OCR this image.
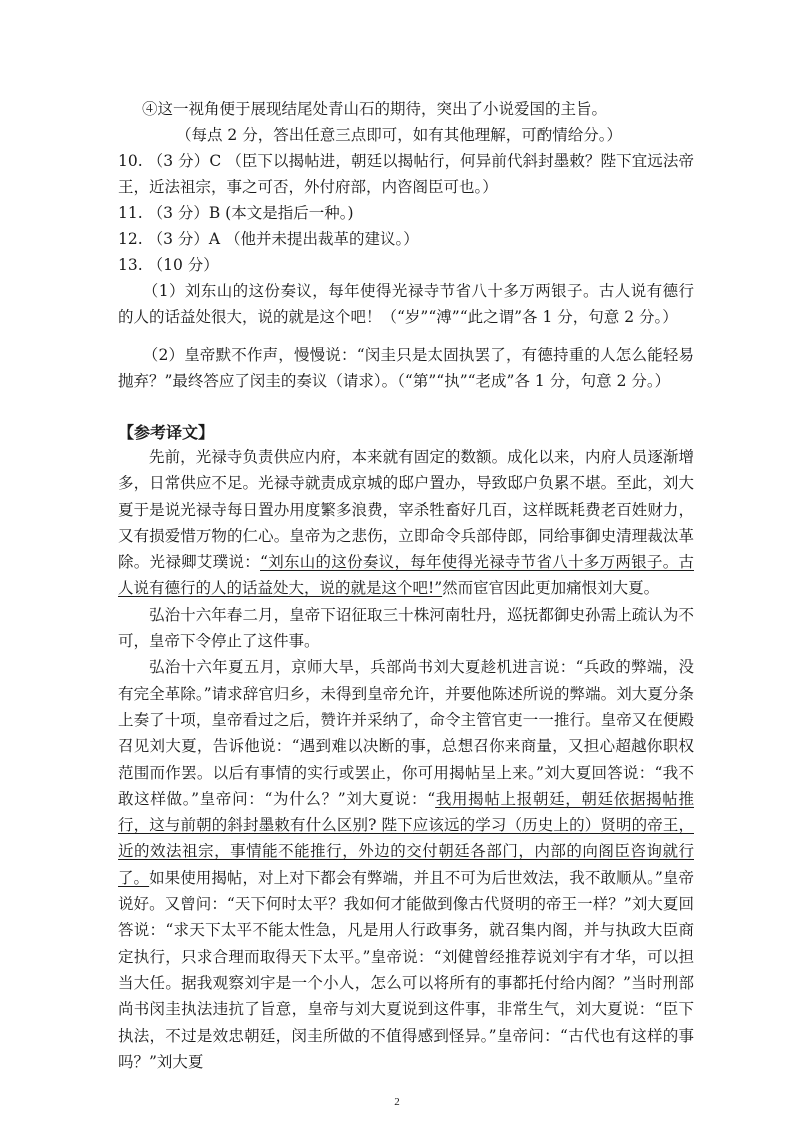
④这一视角便于展现结尾处青山石的期待，突出了小说爱国的主旨。
（每点 2 分，答出任意三点即可，如有其他理解，可酌情给分。）
10. （3 分）C （臣下以揭帖进，朝廷以揭帖行，何异前代斜封墨敕？陛下宜远法帝王，近法祖宗，事之可否，外付府部，内咨阁臣可也。）
11. （3 分）B (本文是指后一种。)
12. （3 分）A （他并未提出裁革的建议。）
13. （10 分）
（1）刘东山的这份奏议，每年使得光禄寺节省八十多万两银子。古人说有德行的人的话益处很大，说的就是这个吧！（“岁”“溥”“此之谓”各 1 分，句意 2 分。）
（2）皇帝默不作声，慢慢说：“闵圭只是太固执罢了，有德持重的人怎么能轻易抛弃？”最终答应了闵圭的奏议（请求）。（“第”“执”“老成”各 1 分，句意 2 分。）
【参考译文】

先前，光禄寺负责供应内府，本来就有固定的数额。成化以来，内府人员逐渐增多，日常供应不足。光禄寺就责成京城的邸户置办，导致邸户负累不堪。至此，刘大夏于是说光禄寺每日置办用度繁多浪费，宰杀牲畜好几百，这样既耗费老百姓财力，又有损爱惜万物的仁心。皇帝为之悲伤，立即命令兵部侍郎，同给事御史清理裁汰革除。光禄卿艾璞说：“刘东山的这份奏议，每年使得光禄寺节省八十多万两银子。古人说有德行的人的话益处大，说的就是这个吧!”然而宦官因此更加痛恨刘大夏。

弘治十六年春二月，皇帝下诏征取三十株河南牡丹，巡抚都御史孙需上疏认为不可，皇帝下令停止了这件事。

弘治十六年夏五月，京师大旱，兵部尚书刘大夏趁机进言说：“兵政的弊端，没有完全革除。”请求辞官归乡，未得到皇帝允许，并要他陈述所说的弊端。刘大夏分条上奏了十项，皇帝看过之后，赞许并采纳了，命令主管官吏一一推行。皇帝又在便殿召见刘大夏，告诉他说：“遇到难以决断的事，总想召你来商量，又担心超越你职权范围而作罢。以后有事情的实行或罢止，你可用揭帖呈上来。”刘大夏回答说：“我不敢这样做。”皇帝问：“为什么？”刘大夏说：“我用揭帖上报朝廷，朝廷依据揭帖推行，这与前朝的斜封墨敕有什么区别? 陛下应该远的学习（历史上的）贤明的帝王，近的效法祖宗，事情能不能推行，外边的交付朝廷各部门，内部的向阁臣咨询就行了。如果使用揭帖，对上对下都会有弊端，并且不可为后世效法，我不敢顺从。”皇帝说好。又曾问：“天下何时太平？我如何才能做到像古代贤明的帝王一样？”刘大夏回答说：“求天下太平不能太性急，凡是用人行政事务，就召集内阁，并与执政大臣商定执行，只求合理而取得天下太平。”皇帝说：“刘健曾经推荐说刘宇有才华，可以担当大任。据我观察刘宇是一个小人，怎么可以将所有的事都托付给内阁？”当时刑部尚书闵圭执法违抗了旨意，皇帝与刘大夏说到这件事，非常生气，刘大夏说：“臣下执法，不过是效忠朝廷，闵圭所做的不值得感到怪异。”皇帝问：“古代也有这样的事吗？”刘大夏

2
